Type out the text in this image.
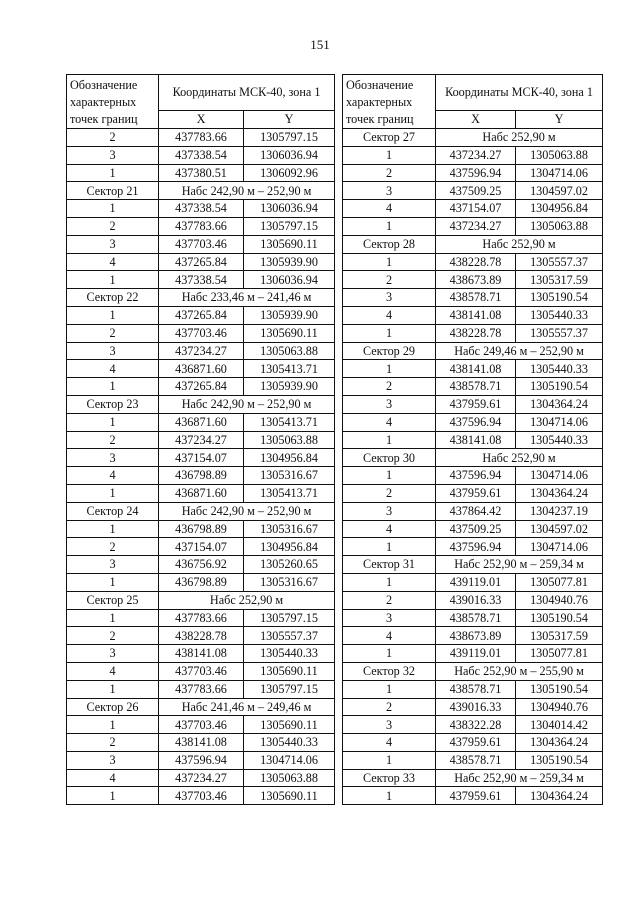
151
Обозначение характерных точек границ	Координаты МСК-40, зона 1	
	X	Y
2	437783.66	1305797.15
3	437338.54	1306036.94
1	437380.51	1306092.96
Сектор 21	Набс 242,90 м – 252,90 м	
1	437338.54	1306036.94
2	437783.66	1305797.15
3	437703.46	1305690.11
4	437265.84	1305939.90
1	437338.54	1306036.94
Сектор 22	Набс 233,46 м – 241,46 м	
1	437265.84	1305939.90
2	437703.46	1305690.11
3	437234.27	1305063.88
4	436871.60	1305413.71
1	437265.84	1305939.90
Сектор 23	Набс 242,90 м – 252,90 м	
1	436871.60	1305413.71
2	437234.27	1305063.88
3	437154.07	1304956.84
4	436798.89	1305316.67
1	436871.60	1305413.71
Сектор 24	Набс 242,90 м – 252,90 м	
1	436798.89	1305316.67
2	437154.07	1304956.84
3	436756.92	1305260.65
1	436798.89	1305316.67
Сектор 25	Набс 252,90 м	
1	437783.66	1305797.15
2	438228.78	1305557.37
3	438141.08	1305440.33
4	437703.46	1305690.11
1	437783.66	1305797.15
Сектор 26	Набс 241,46 м – 249,46 м	
1	437703.46	1305690.11
2	438141.08	1305440.33
3	437596.94	1304714.06
4	437234.27	1305063.88
1	437703.46	1305690.11
Обозначение характерных точек границ	Координаты МСК-40, зона 1	
	X	Y
Сектор 27	Набс 252,90 м	
1	437234.27	1305063.88
2	437596.94	1304714.06
3	437509.25	1304597.02
4	437154.07	1304956.84
1	437234.27	1305063.88
Сектор 28	Набс 252,90 м	
1	438228.78	1305557.37
2	438673.89	1305317.59
3	438578.71	1305190.54
4	438141.08	1305440.33
1	438228.78	1305557.37
Сектор 29	Набс 249,46 м – 252,90 м	
1	438141.08	1305440.33
2	438578.71	1305190.54
3	437959.61	1304364.24
4	437596.94	1304714.06
1	438141.08	1305440.33
Сектор 30	Набс 252,90 м	
1	437596.94	1304714.06
2	437959.61	1304364.24
3	437864.42	1304237.19
4	437509.25	1304597.02
1	437596.94	1304714.06
Сектор 31	Набс 252,90 м – 259,34 м	
1	439119.01	1305077.81
2	439016.33	1304940.76
3	438578.71	1305190.54
4	438673.89	1305317.59
1	439119.01	1305077.81
Сектор 32	Набс 252,90 м – 255,90 м	
1	438578.71	1305190.54
2	439016.33	1304940.76
3	438322.28	1304014.42
4	437959.61	1304364.24
1	438578.71	1305190.54
Сектор 33	Набс 252,90 м – 259,34 м	
1	437959.61	1304364.24
